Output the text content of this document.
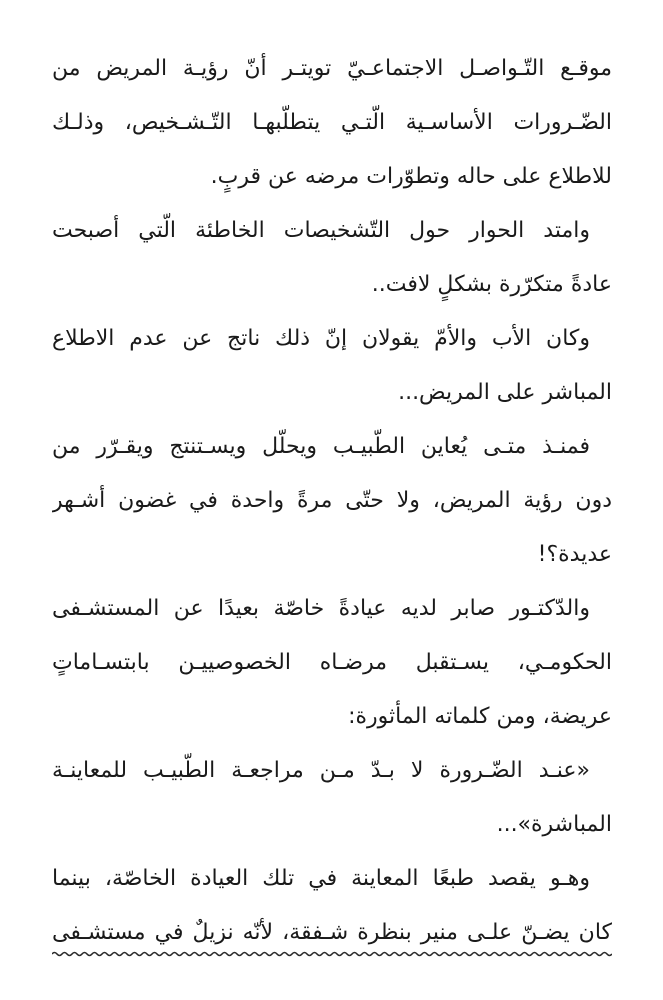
موقـع التّـواصـل الاجتماعـيّ تويتـر أنّ رؤيـة المريض من
الضّـرورات الأساسـية الّتـي يتطلّبهـا التّـشـخيص، وذلـك
للاطلاع على حاله وتطوّرات مرضه عن قربٍ.
وامتد الحوار حول التّشخيصات الخاطئة الّتي أصبحت
عادةً متكرّرة بشكلٍ لافت..
وكان الأب والأمّ يقولان إنّ ذلك ناتج عن عدم الاطلاع
المباشر على المريض...
فمنـذ متـى يُعاين الطّبيـب ويحلّل ويسـتنتج ويقـرّر من
دون رؤية المريض، ولا حتّى مرةً واحدة في غضون أشـهر
عديدة؟!
والدّكتـور صابر لديه عيادةً خاصّة بعيدًا عن المستشـفى
الحكومـي، يسـتقبل مرضـاه الخصوصييـن بابتسـاماتٍ
عريضة، ومن كلماته المأثورة:
«عنـد الضّـرورة لا بـدّ مـن مراجعـة الطّبيـب للمعاينـة
المباشرة»...
وهـو يقصد طبعًا المعاينة في تلك العيادة الخاصّة، بينما
كان يضـنّ علـى منير بنظرة شـفقة، لأنّه نزيلٌ في مستشـفى
